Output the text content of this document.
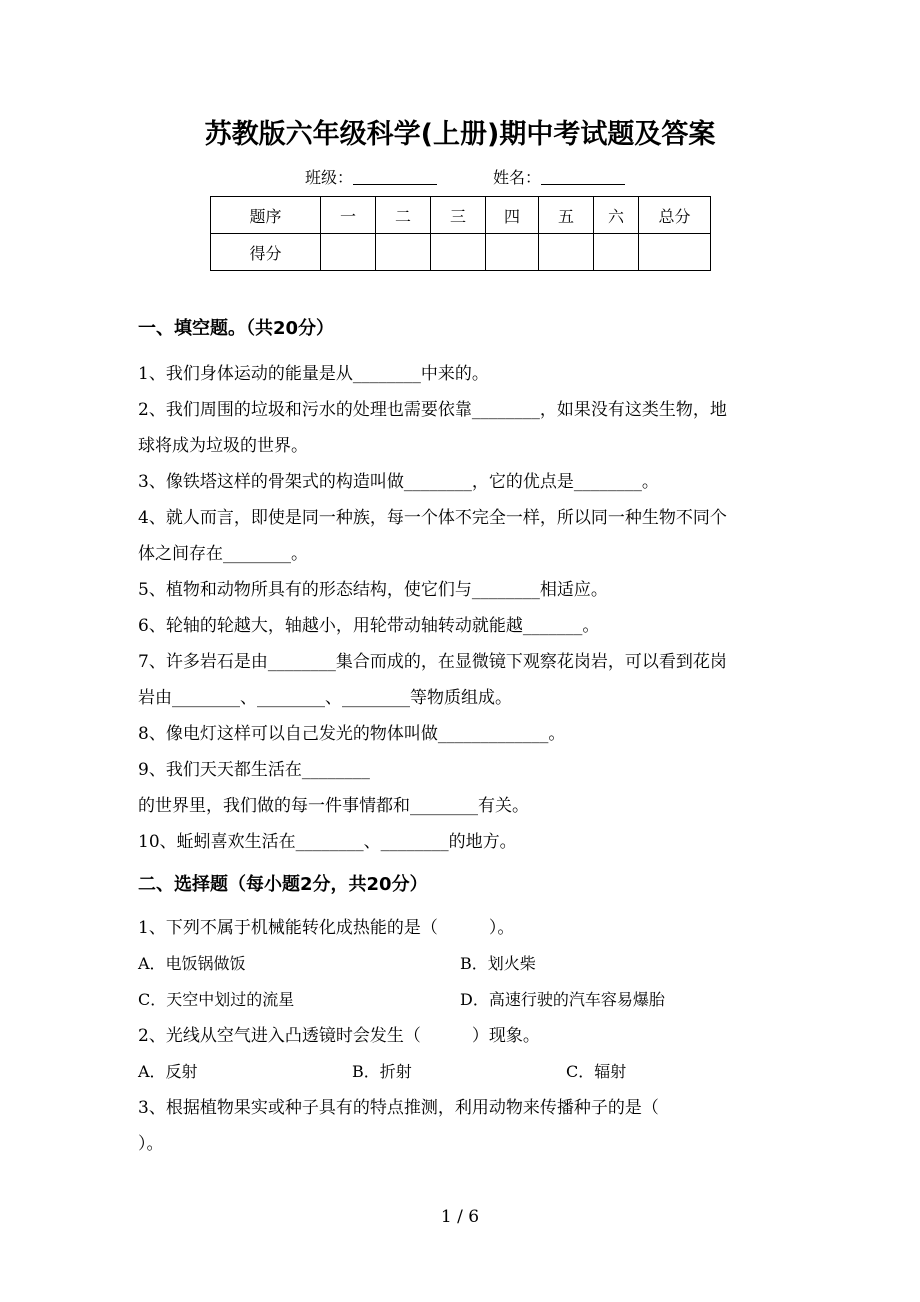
苏教版六年级科学(上册)期中考试题及答案
班级：	姓名：
题序	一	二	三	四	五	六	总分
得分							
一、填空题。（共20分）
1、我们身体运动的能量是从________中来的。
2、我们周围的垃圾和污水的处理也需要依靠________，如果没有这类生物，地
球将成为垃圾的世界。
3、像铁塔这样的骨架式的构造叫做________，它的优点是________。
4、就人而言，即使是同一种族，每一个体不完全一样，所以同一种生物不同个
体之间存在________。
5、植物和动物所具有的形态结构，使它们与________相适应。
6、轮轴的轮越大，轴越小，用轮带动轴转动就能越_______。
7、许多岩石是由________集合而成的，在显微镜下观察花岗岩，可以看到花岗
岩由________、________、________等物质组成。
8、像电灯这样可以自己发光的物体叫做_____________。
9、我们天天都生活在________
的世界里，我们做的每一件事情都和________有关。
10、蚯蚓喜欢生活在________、________的地方。
二、选择题（每小题2分，共20分）
1、下列不属于机械能转化成热能的是（　　　）。
A．电饭锅做饭	B．划火柴
C．天空中划过的流星	D．高速行驶的汽车容易爆胎
2、光线从空气进入凸透镜时会发生（　　　）现象。
A．反射	B．折射	C．辐射
3、根据植物果实或种子具有的特点推测，利用动物来传播种子的是（
）。
1 / 6
